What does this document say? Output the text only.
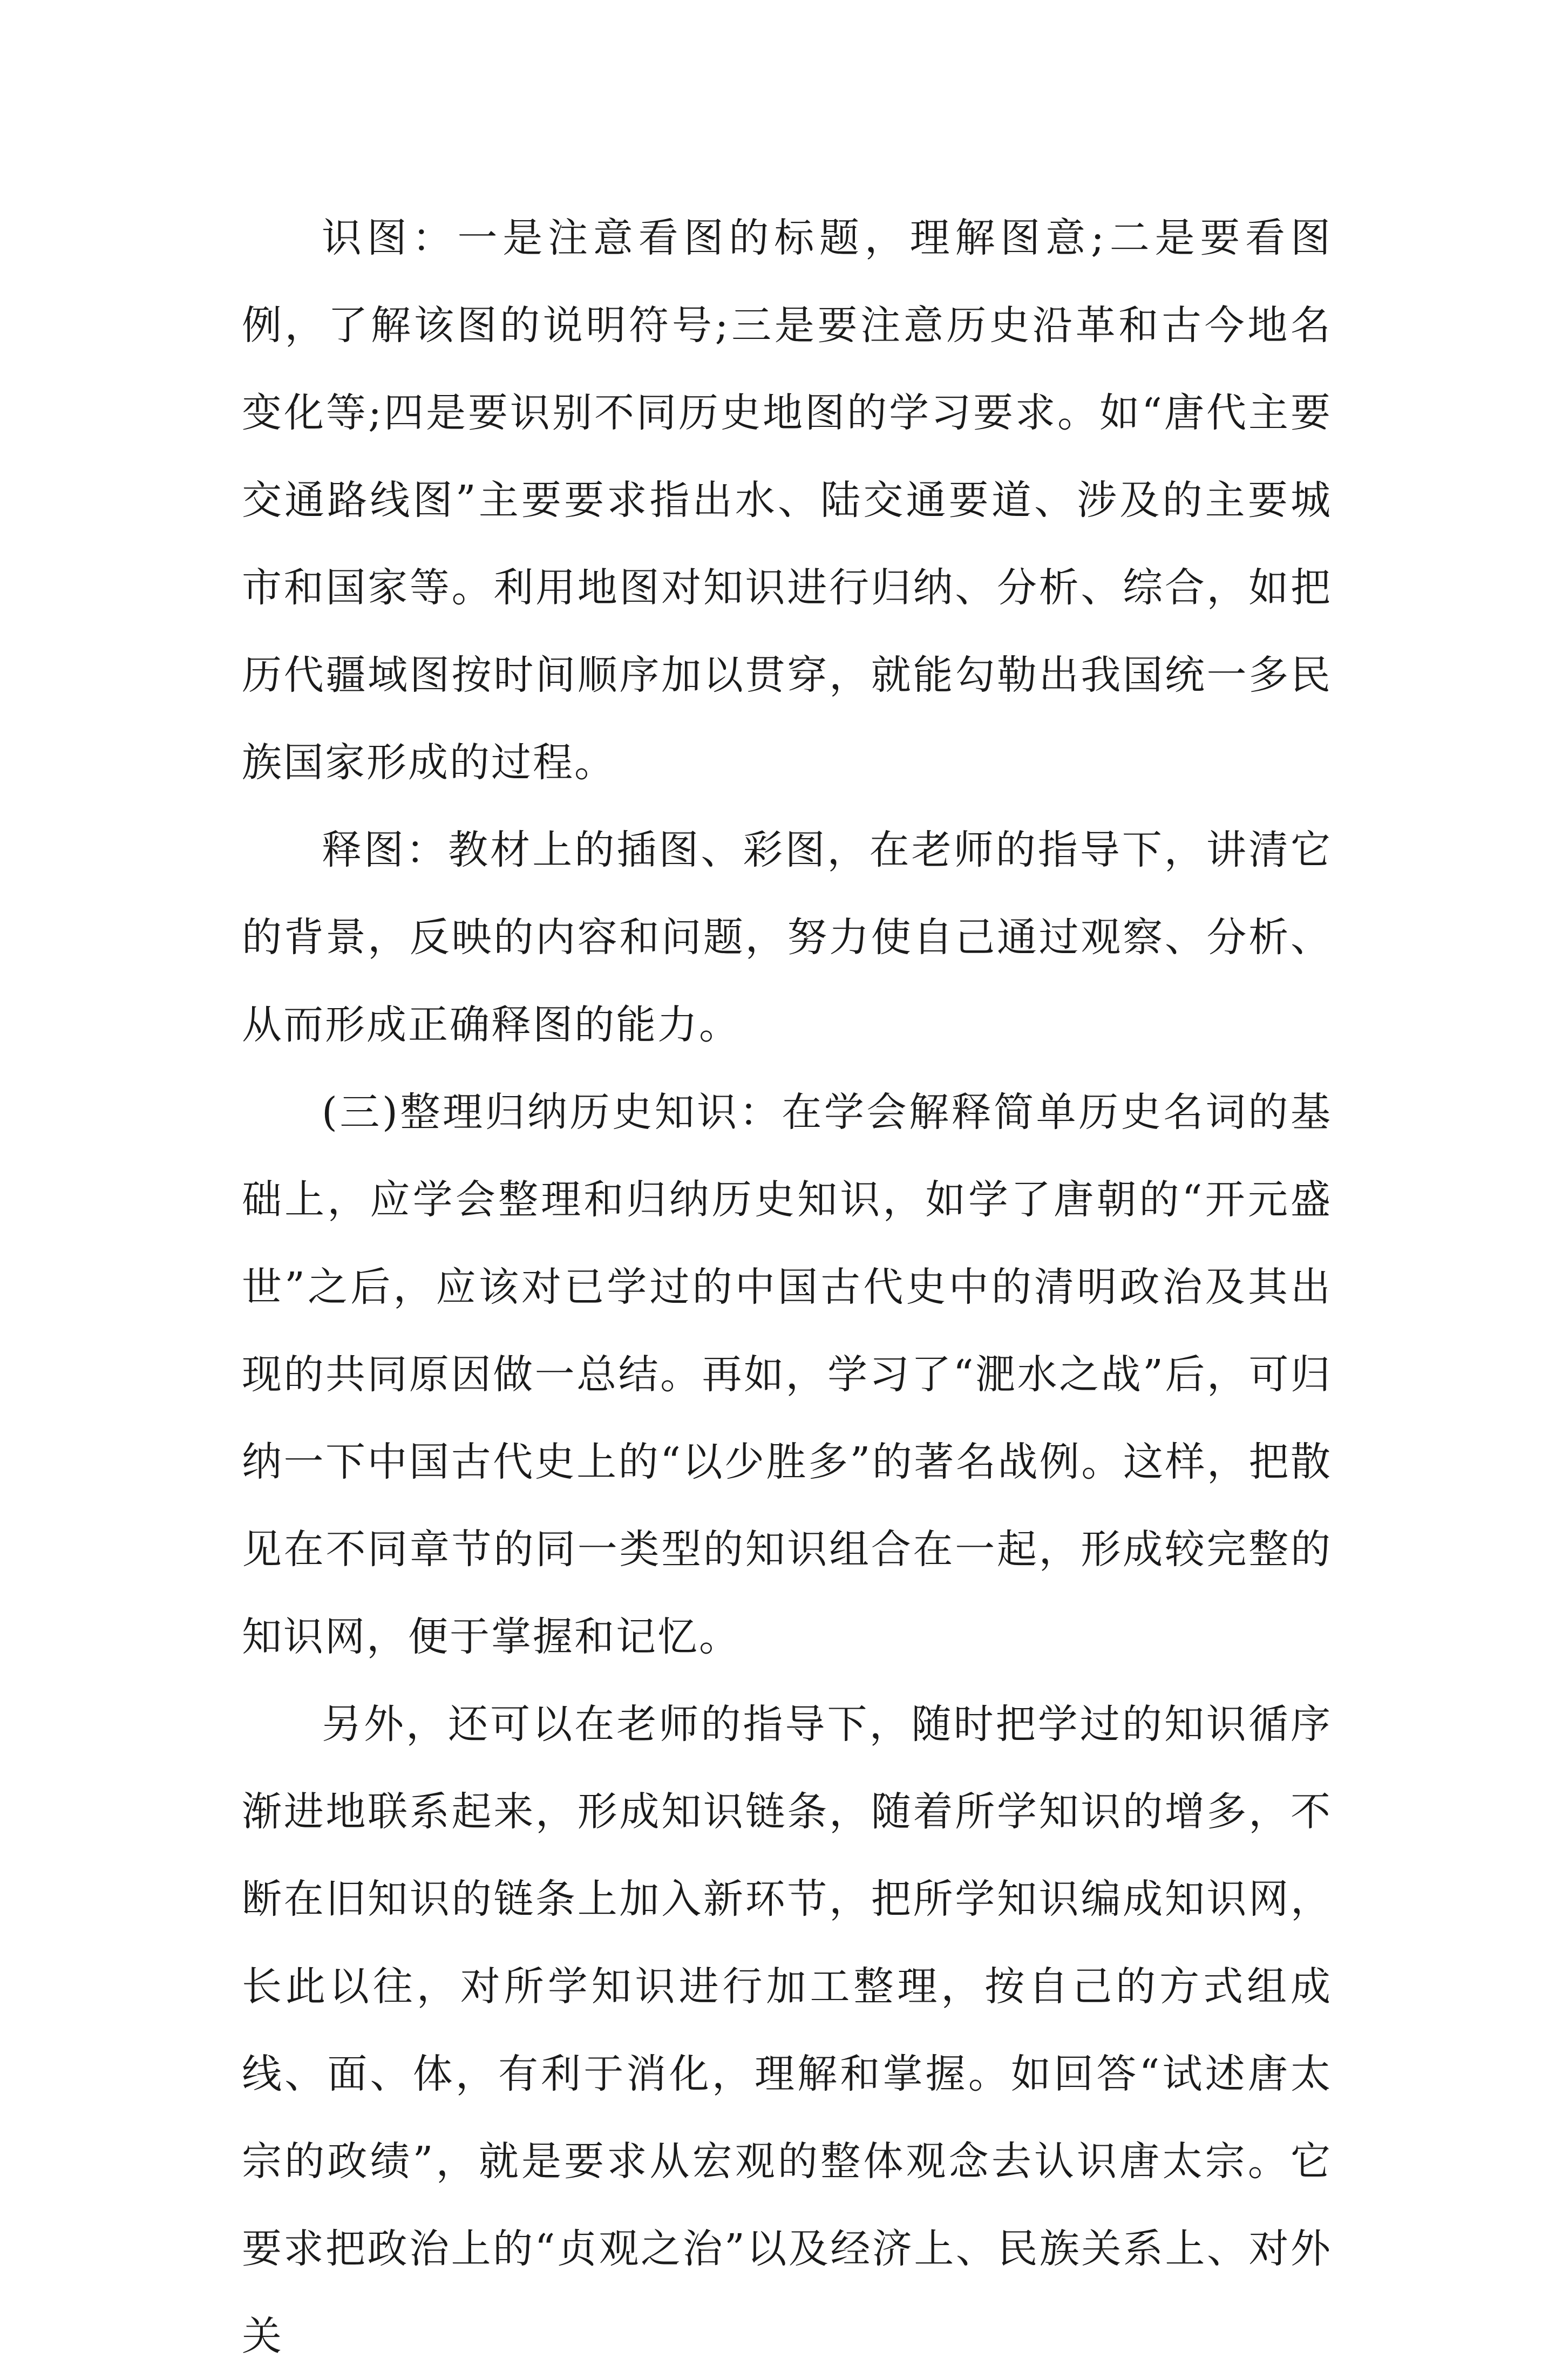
识图：一是注意看图的标题，理解图意;二是要看图例，了解该图的说明符号;三是要注意历史沿革和古今地名变化等;四是要识别不同历史地图的学习要求。如“唐代主要交通路线图”主要要求指出水、陆交通要道、涉及的主要城市和国家等。利用地图对知识进行归纳、分析、综合，如把历代疆域图按时间顺序加以贯穿，就能勾勒出我国统一多民族国家形成的过程。

释图：教材上的插图、彩图，在老师的指导下，讲清它的背景，反映的内容和问题，努力使自己通过观察、分析、从而形成正确释图的能力。

(三)整理归纳历史知识：在学会解释简单历史名词的基础上，应学会整理和归纳历史知识，如学了唐朝的“开元盛世”之后，应该对已学过的中国古代史中的清明政治及其出现的共同原因做一总结。再如，学习了“淝水之战”后，可归纳一下中国古代史上的“以少胜多”的著名战例。这样，把散见在不同章节的同一类型的知识组合在一起，形成较完整的知识网，便于掌握和记忆。

另外，还可以在老师的指导下，随时把学过的知识循序渐进地联系起来，形成知识链条，随着所学知识的增多，不断在旧知识的链条上加入新环节，把所学知识编成知识网，长此以往，对所学知识进行加工整理，按自己的方式组成线、面、体，有利于消化，理解和掌握。如回答“试述唐太宗的政绩”，就是要求从宏观的整体观念去认识唐太宗。它要求把政治上的“贞观之治”以及经济上、民族关系上、对外关
